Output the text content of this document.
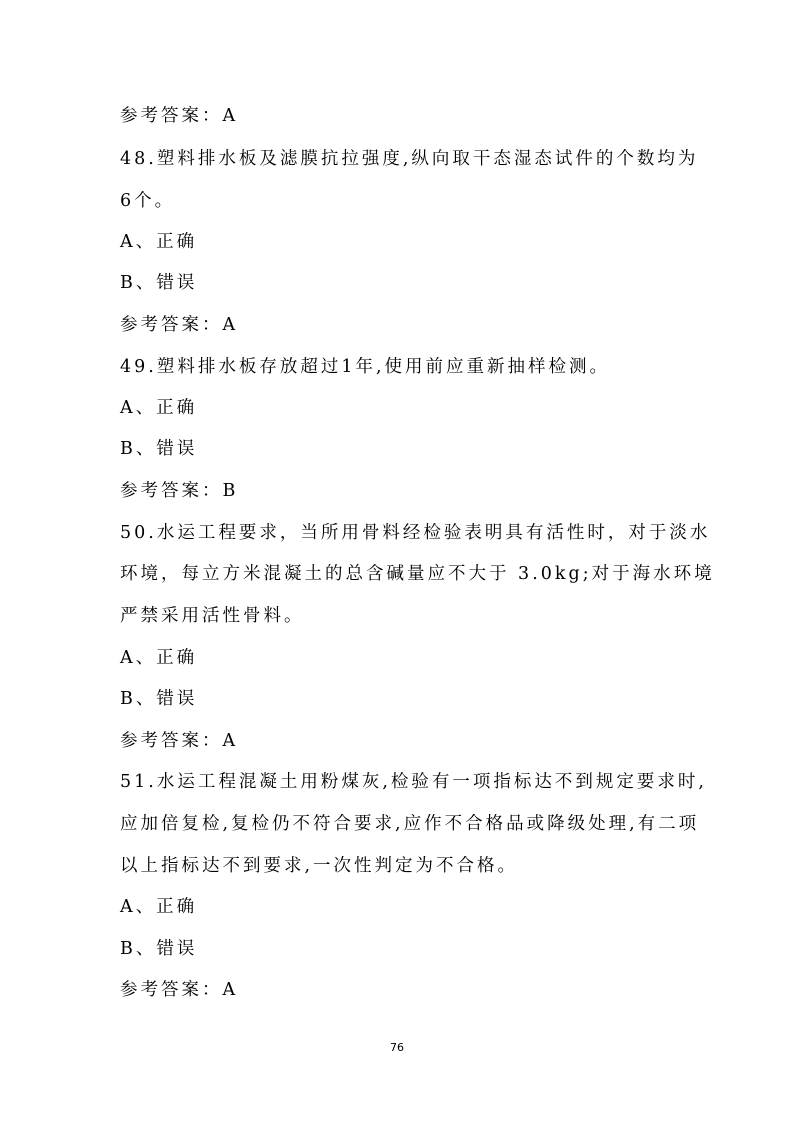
参考答案：A
48.塑料排水板及滤膜抗拉强度,纵向取干态湿态试件的个数均为
6个。
A、正确
B、错误
参考答案：A
49.塑料排水板存放超过1年,使用前应重新抽样检测。
A、正确
B、错误
参考答案：B
50.水运工程要求，当所用骨料经检验表明具有活性时，对于淡水
环境，每立方米混凝土的总含碱量应不大于 3.0kg;对于海水环境
严禁采用活性骨料。
A、正确
B、错误
参考答案：A
51.水运工程混凝土用粉煤灰,检验有一项指标达不到规定要求时,
应加倍复检,复检仍不符合要求,应作不合格品或降级处理,有二项
以上指标达不到要求,一次性判定为不合格。
A、正确
B、错误
参考答案：A
76
